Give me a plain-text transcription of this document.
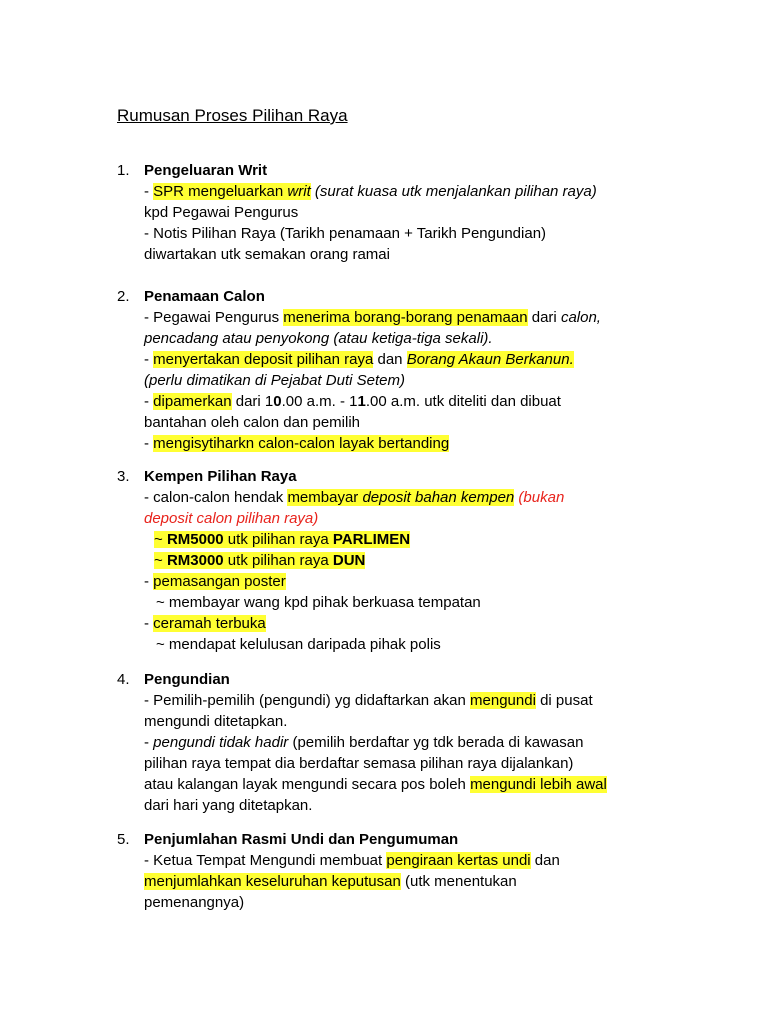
Rumusan Proses Pilihan Raya
1. Pengeluaran Writ
- SPR mengeluarkan writ (surat kuasa utk menjalankan pilihan raya)
kpd Pegawai Pengurus
- Notis Pilihan Raya (Tarikh penamaan + Tarikh Pengundian)
diwartakan utk semakan orang ramai
2. Penamaan Calon
- Pegawai Pengurus menerima borang-borang penamaan dari calon,
pencadang atau penyokong (atau ketiga-tiga sekali).
- menyertakan deposit pilihan raya dan Borang Akaun Berkanun.
(perlu dimatikan di Pejabat Duti Setem)
- dipamerkan dari 10.00 a.m. - 11.00 a.m. utk diteliti dan dibuat
bantahan oleh calon dan pemilih
- mengisytiharkn calon-calon layak bertanding
3. Kempen Pilihan Raya
- calon-calon hendak membayar deposit bahan kempen (bukan
deposit calon pilihan raya)
~ RM5000 utk pilihan raya PARLIMEN
~ RM3000 utk pilihan raya DUN
- pemasangan poster
~ membayar wang kpd pihak berkuasa tempatan
- ceramah terbuka
~ mendapat kelulusan daripada pihak polis
4. Pengundian
- Pemilih-pemilih (pengundi) yg didaftarkan akan mengundi di pusat
mengundi ditetapkan.
- pengundi tidak hadir (pemilih berdaftar yg tdk berada di kawasan
pilihan raya tempat dia berdaftar semasa pilihan raya dijalankan)
atau kalangan layak mengundi secara pos boleh mengundi lebih awal
dari hari yang ditetapkan.
5. Penjumlahan Rasmi Undi dan Pengumuman
- Ketua Tempat Mengundi membuat pengiraan kertas undi dan
menjumlahkan keseluruhan keputusan (utk menentukan
pemenangnya)
